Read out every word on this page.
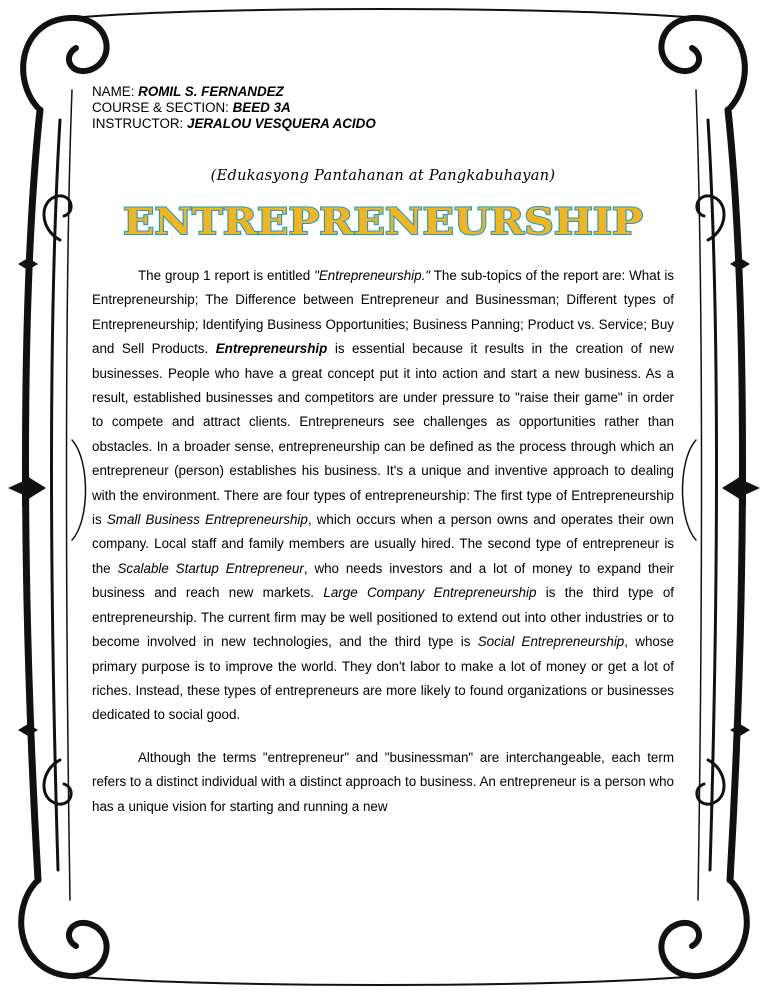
NAME: ROMIL S. FERNANDEZ
COURSE & SECTION: BEED 3A
INSTRUCTOR: JERALOU VESQUERA ACIDO
(Edukasyong Pantahanan at Pangkabuhayan)
ENTREPRENEURSHIP

The group 1 report is entitled "Entrepreneurship." The sub-topics of the report are: What is Entrepreneurship; The Difference between Entrepreneur and Businessman; Different types of Entrepreneurship; Identifying Business Opportunities; Business Panning; Product vs. Service; Buy and Sell Products. Entrepreneurship is essential because it results in the creation of new businesses. People who have a great concept put it into action and start a new business. As a result, established businesses and competitors are under pressure to "raise their game" in order to compete and attract clients. Entrepreneurs see challenges as opportunities rather than obstacles. In a broader sense, entrepreneurship can be defined as the process through which an entrepreneur (person) establishes his business. It's a unique and inventive approach to dealing with the environment. There are four types of entrepreneurship: The first type of Entrepreneurship is Small Business Entrepreneurship, which occurs when a person owns and operates their own company. Local staff and family members are usually hired. The second type of entrepreneur is the Scalable Startup Entrepreneur, who needs investors and a lot of money to expand their business and reach new markets. Large Company Entrepreneurship is the third type of entrepreneurship. The current firm may be well positioned to extend out into other industries or to become involved in new technologies, and the third type is Social Entrepreneurship, whose primary purpose is to improve the world. They don't labor to make a lot of money or get a lot of riches. Instead, these types of entrepreneurs are more likely to found organizations or businesses dedicated to social good.

Although the terms "entrepreneur" and "businessman" are interchangeable, each term refers to a distinct individual with a distinct approach to business. An entrepreneur is a person who has a unique vision for starting and running a new
